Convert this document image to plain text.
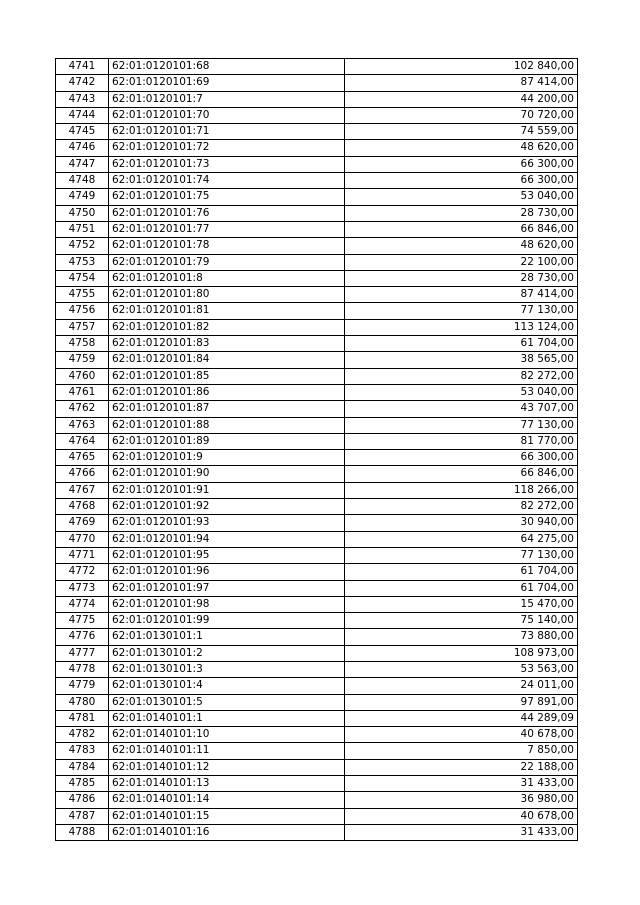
4741	62:01:0120101:68	102 840,00
4742	62:01:0120101:69	87 414,00
4743	62:01:0120101:7	44 200,00
4744	62:01:0120101:70	70 720,00
4745	62:01:0120101:71	74 559,00
4746	62:01:0120101:72	48 620,00
4747	62:01:0120101:73	66 300,00
4748	62:01:0120101:74	66 300,00
4749	62:01:0120101:75	53 040,00
4750	62:01:0120101:76	28 730,00
4751	62:01:0120101:77	66 846,00
4752	62:01:0120101:78	48 620,00
4753	62:01:0120101:79	22 100,00
4754	62:01:0120101:8	28 730,00
4755	62:01:0120101:80	87 414,00
4756	62:01:0120101:81	77 130,00
4757	62:01:0120101:82	113 124,00
4758	62:01:0120101:83	61 704,00
4759	62:01:0120101:84	38 565,00
4760	62:01:0120101:85	82 272,00
4761	62:01:0120101:86	53 040,00
4762	62:01:0120101:87	43 707,00
4763	62:01:0120101:88	77 130,00
4764	62:01:0120101:89	81 770,00
4765	62:01:0120101:9	66 300,00
4766	62:01:0120101:90	66 846,00
4767	62:01:0120101:91	118 266,00
4768	62:01:0120101:92	82 272,00
4769	62:01:0120101:93	30 940,00
4770	62:01:0120101:94	64 275,00
4771	62:01:0120101:95	77 130,00
4772	62:01:0120101:96	61 704,00
4773	62:01:0120101:97	61 704,00
4774	62:01:0120101:98	15 470,00
4775	62:01:0120101:99	75 140,00
4776	62:01:0130101:1	73 880,00
4777	62:01:0130101:2	108 973,00
4778	62:01:0130101:3	53 563,00
4779	62:01:0130101:4	24 011,00
4780	62:01:0130101:5	97 891,00
4781	62:01:0140101:1	44 289,09
4782	62:01:0140101:10	40 678,00
4783	62:01:0140101:11	7 850,00
4784	62:01:0140101:12	22 188,00
4785	62:01:0140101:13	31 433,00
4786	62:01:0140101:14	36 980,00
4787	62:01:0140101:15	40 678,00
4788	62:01:0140101:16	31 433,00
